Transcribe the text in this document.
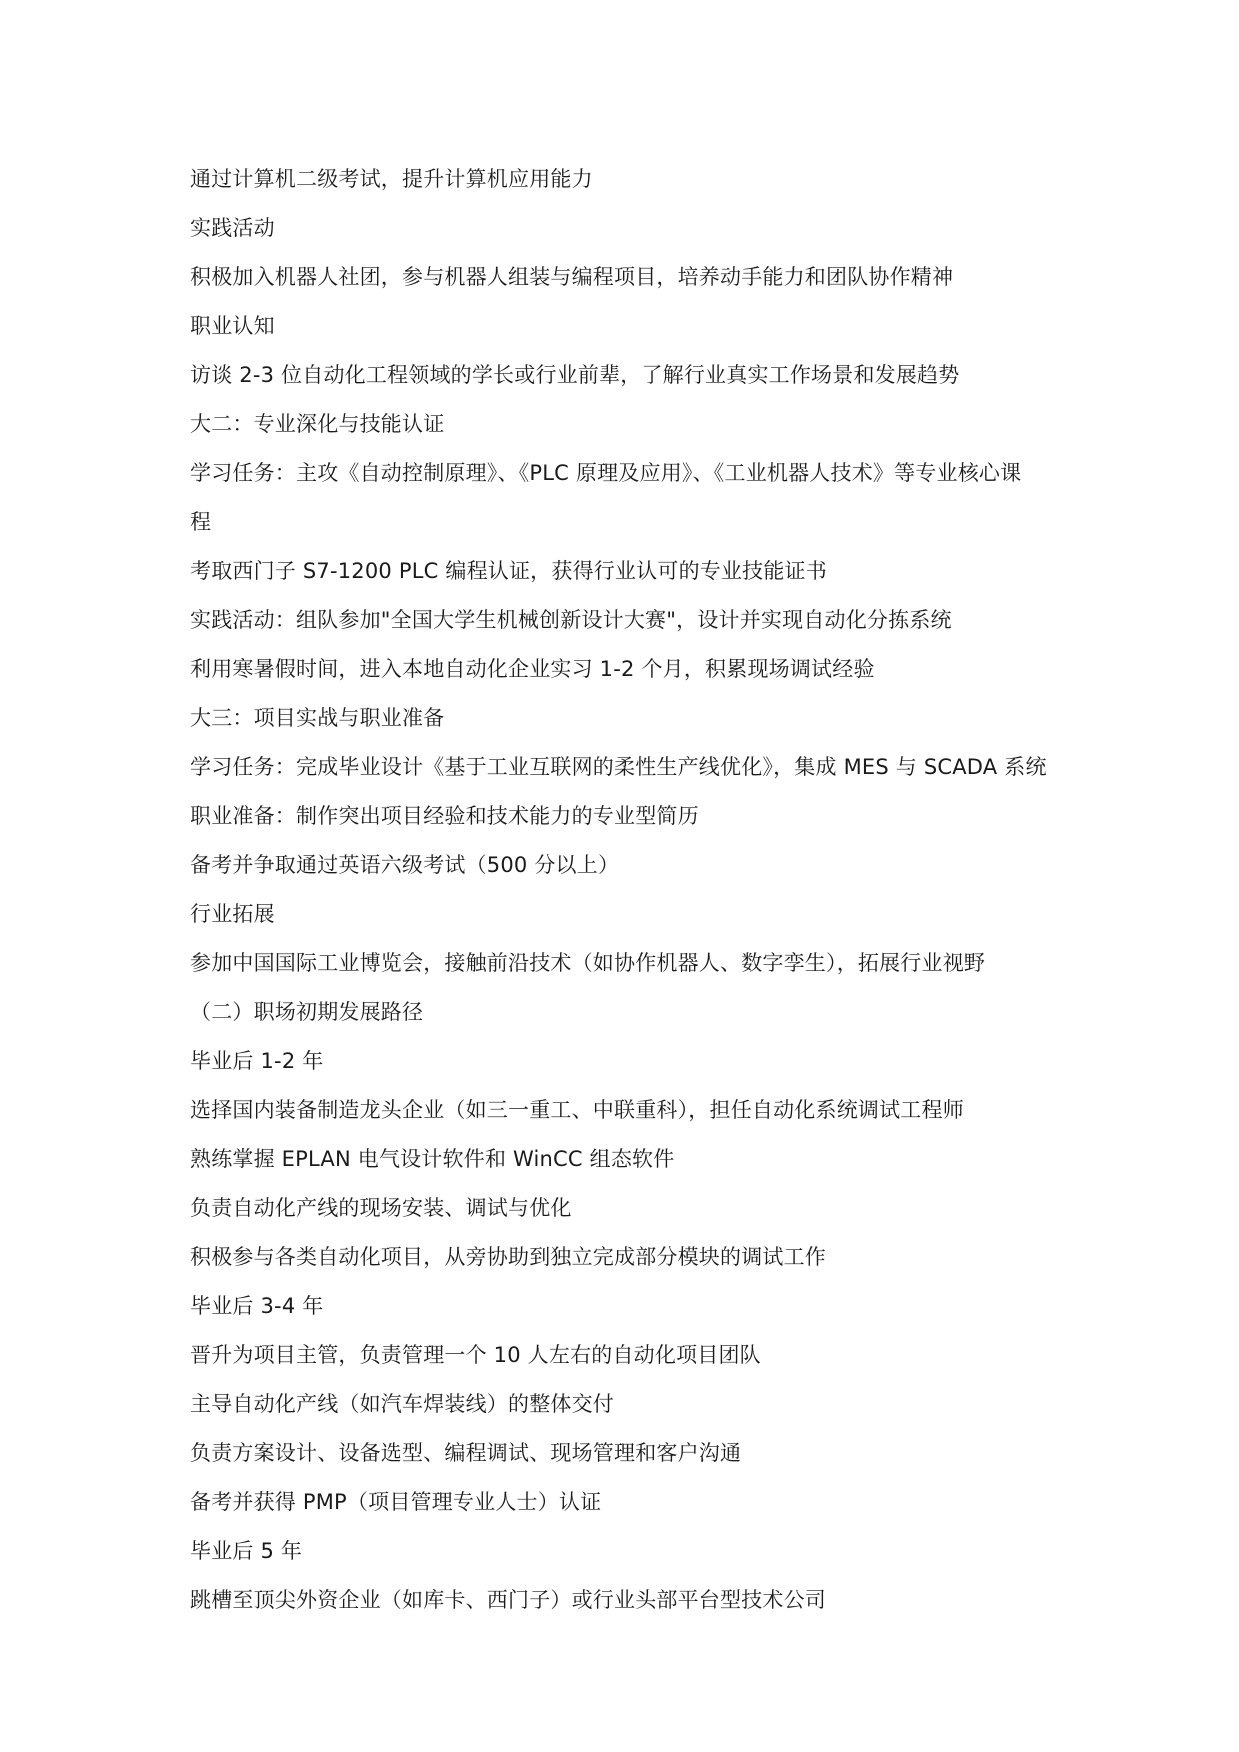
通过计算机二级考试，提升计算机应用能力
实践活动
积极加入机器人社团，参与机器人组装与编程项目，培养动手能力和团队协作精神
职业认知
访谈 2-3 位自动化工程领域的学长或行业前辈，了解行业真实工作场景和发展趋势
大二：专业深化与技能认证
学习任务：主攻《自动控制原理》、《PLC 原理及应用》、《工业机器人技术》等专业核心课
程
考取西门子 S7-1200 PLC 编程认证，获得行业认可的专业技能证书
实践活动：组队参加"全国大学生机械创新设计大赛"，设计并实现自动化分拣系统
利用寒暑假时间，进入本地自动化企业实习 1-2 个月，积累现场调试经验
大三：项目实战与职业准备
学习任务：完成毕业设计《基于工业互联网的柔性生产线优化》，集成 MES 与 SCADA 系统
职业准备：制作突出项目经验和技术能力的专业型简历
备考并争取通过英语六级考试（500 分以上）
行业拓展
参加中国国际工业博览会，接触前沿技术（如协作机器人、数字孪生），拓展行业视野
（二）职场初期发展路径
毕业后 1-2 年
选择国内装备制造龙头企业（如三一重工、中联重科），担任自动化系统调试工程师
熟练掌握 EPLAN 电气设计软件和 WinCC 组态软件
负责自动化产线的现场安装、调试与优化
积极参与各类自动化项目，从旁协助到独立完成部分模块的调试工作
毕业后 3-4 年
晋升为项目主管，负责管理一个 10 人左右的自动化项目团队
主导自动化产线（如汽车焊装线）的整体交付
负责方案设计、设备选型、编程调试、现场管理和客户沟通
备考并获得 PMP（项目管理专业人士）认证
毕业后 5 年
跳槽至顶尖外资企业（如库卡、西门子）或行业头部平台型技术公司
